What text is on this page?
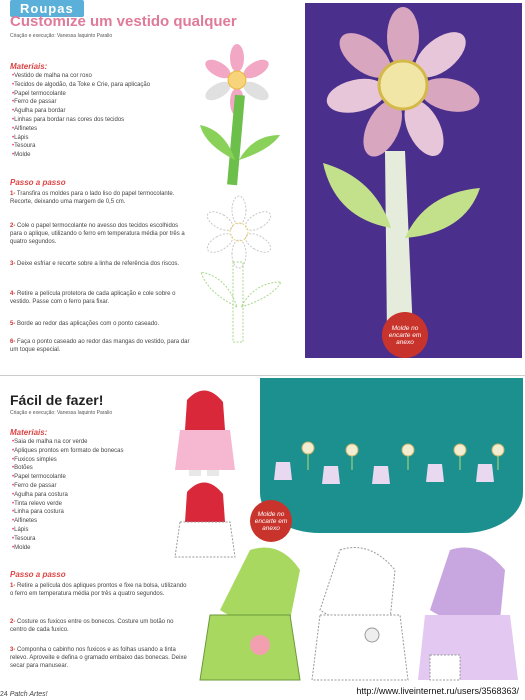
Roupas
Customize um vestido qualquer
Criação e execução: Vanessa Iaquinto Paralio
Materiais:
• Vestido de malha na cor roxo
• Tecidos de algodão, da Toke e Crie, para aplicação
• Papel termocolante
• Ferro de passar
• Agulha para bordar
• Linhas para bordar nas cores dos tecidos
• Alfinetes
• Lápis
• Tesoura
• Molde
Passo a passo
1- Transfira os moldes para o lado liso do papel termocolante. Recorte, deixando uma margem de 0,5 cm.
2- Cole o papel termocolante no avesso dos tecidos escolhidos para o aplique, utilizando o ferro em temperatura média por três a quatro segundos.
3- Deixe esfriar e recorte sobre a linha de referência dos riscos.
4- Retire a película protetora de cada aplicação e cole sobre o vestido. Passe com o ferro para fixar.
5- Borde ao redor das aplicações com o ponto caseado.
6- Faça o ponto caseado ao redor das mangas do vestido, para dar um toque especial.
Molde no encarte em anexo
Fácil de fazer!
Criação e execução: Vanessa Iaquinto Paralio
Materiais:
• Saia de malha na cor verde
• Apliques prontos em formato de bonecas
• Fuxicos simples
• Botões
• Papel termocolante
• Ferro de passar
• Agulha para costura
• Tinta relevo verde
• Linha para costura
• Alfinetes
• Lápis
• Tesoura
• Molde
Passo a passo
1- Retire a película dos apliques prontos e fixe na bolsa, utilizando o ferro em temperatura média por três a quatro segundos.
2- Costure os fuxicos entre os bonecos. Costure um botão no centro de cada fuxico.
3- Componha o cabinho nos fuxicos e as folhas usando a tinta relevo. Aproveite e defina o gramado embaixo das bonecas. Deixe secar para manusear.
Molde no encarte em anexo
24 Patch Artes!	http://www.liveinternet.ru/users/3568363/
